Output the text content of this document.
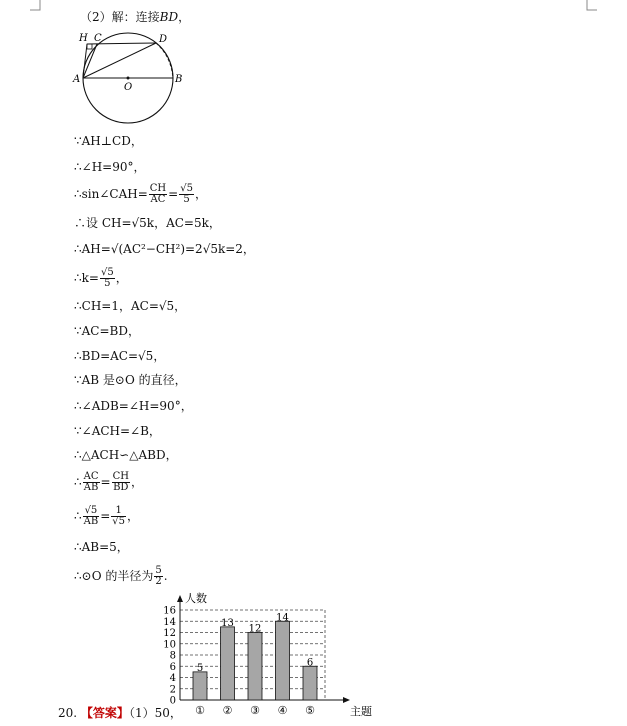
（2）解：连接BD，
H C	D
A
O
B
∵AH⊥CD，
∴∠H=90°，
∴sin∠CAH= $\frac{CH}{AC} = \frac{√5}{5}$ ，
∴设 CH=√5k，AC=5k，
∴AH=√(AC²−CH²)=2√5k=2，
∴k= $\frac{√5}{5}$ ，
∴CH=1，AC=√5，
∵AC=BD，
∴BD=AC=√5，
∵AB 是⊙O 的直径，
∴∠ADB=∠H=90°，
∵∠ACH=∠B，
∴△ACH∽△ABD，
∴ $\frac{AC}{AB} = \frac{CH}{BD}$ ，
∴ $\frac{√5}{AB} = \frac{1}{√5}$ ，
∴AB=5，
∴⊙O 的半径为 $\frac{5}{2}$ .
0
2
4
6
8
10
12
14
16
人数
主题
5
①
13
②
12
③
14
④
6
⑤
20. 【答案】（1）50，
